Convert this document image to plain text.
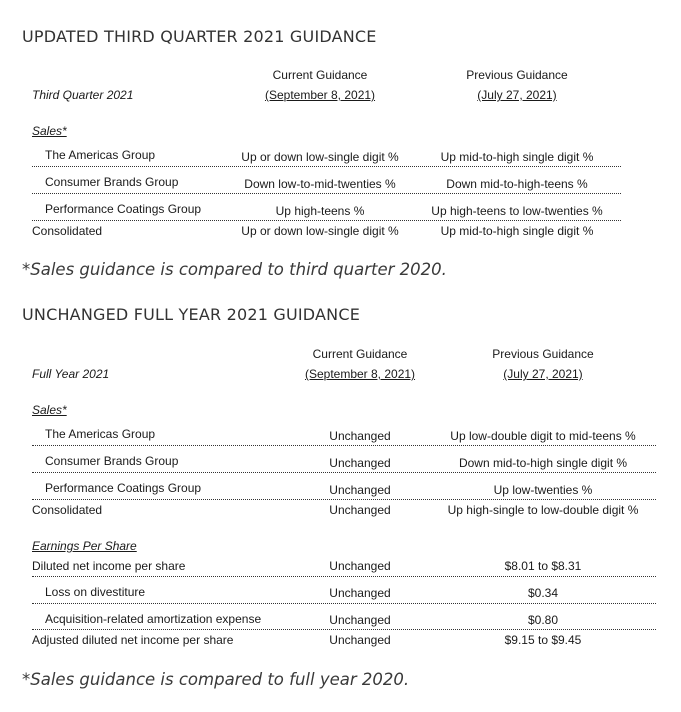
UPDATED THIRD QUARTER 2021 GUIDANCE
Third Quarter 2021
Current Guidance
(September 8, 2021)
Previous Guidance
(July 27, 2021)
Sales*
The Americas Group	Up or down low-single digit %	Up mid-to-high single digit %
Consumer Brands Group	Down low-to-mid-twenties %	Down mid-to-high-teens %
Performance Coatings Group	Up high-teens %	Up high-teens to low-twenties %
Consolidated	Up or down low-single digit %	Up mid-to-high single digit %
*Sales guidance is compared to third quarter 2020.
UNCHANGED FULL YEAR 2021 GUIDANCE
Full Year 2021
Current Guidance
(September 8, 2021)
Previous Guidance
(July 27, 2021)
Sales*
The Americas Group	Unchanged	Up low-double digit to mid-teens %
Consumer Brands Group	Unchanged	Down mid-to-high single digit %
Performance Coatings Group	Unchanged	Up low-twenties %
Consolidated	Unchanged	Up high-single to low-double digit %
Earnings Per Share
Diluted net income per share	Unchanged	$8.01 to $8.31
Loss on divestiture	Unchanged	$0.34
Acquisition-related amortization expense	Unchanged	$0.80
Adjusted diluted net income per share	Unchanged	$9.15 to $9.45
*Sales guidance is compared to full year 2020.
